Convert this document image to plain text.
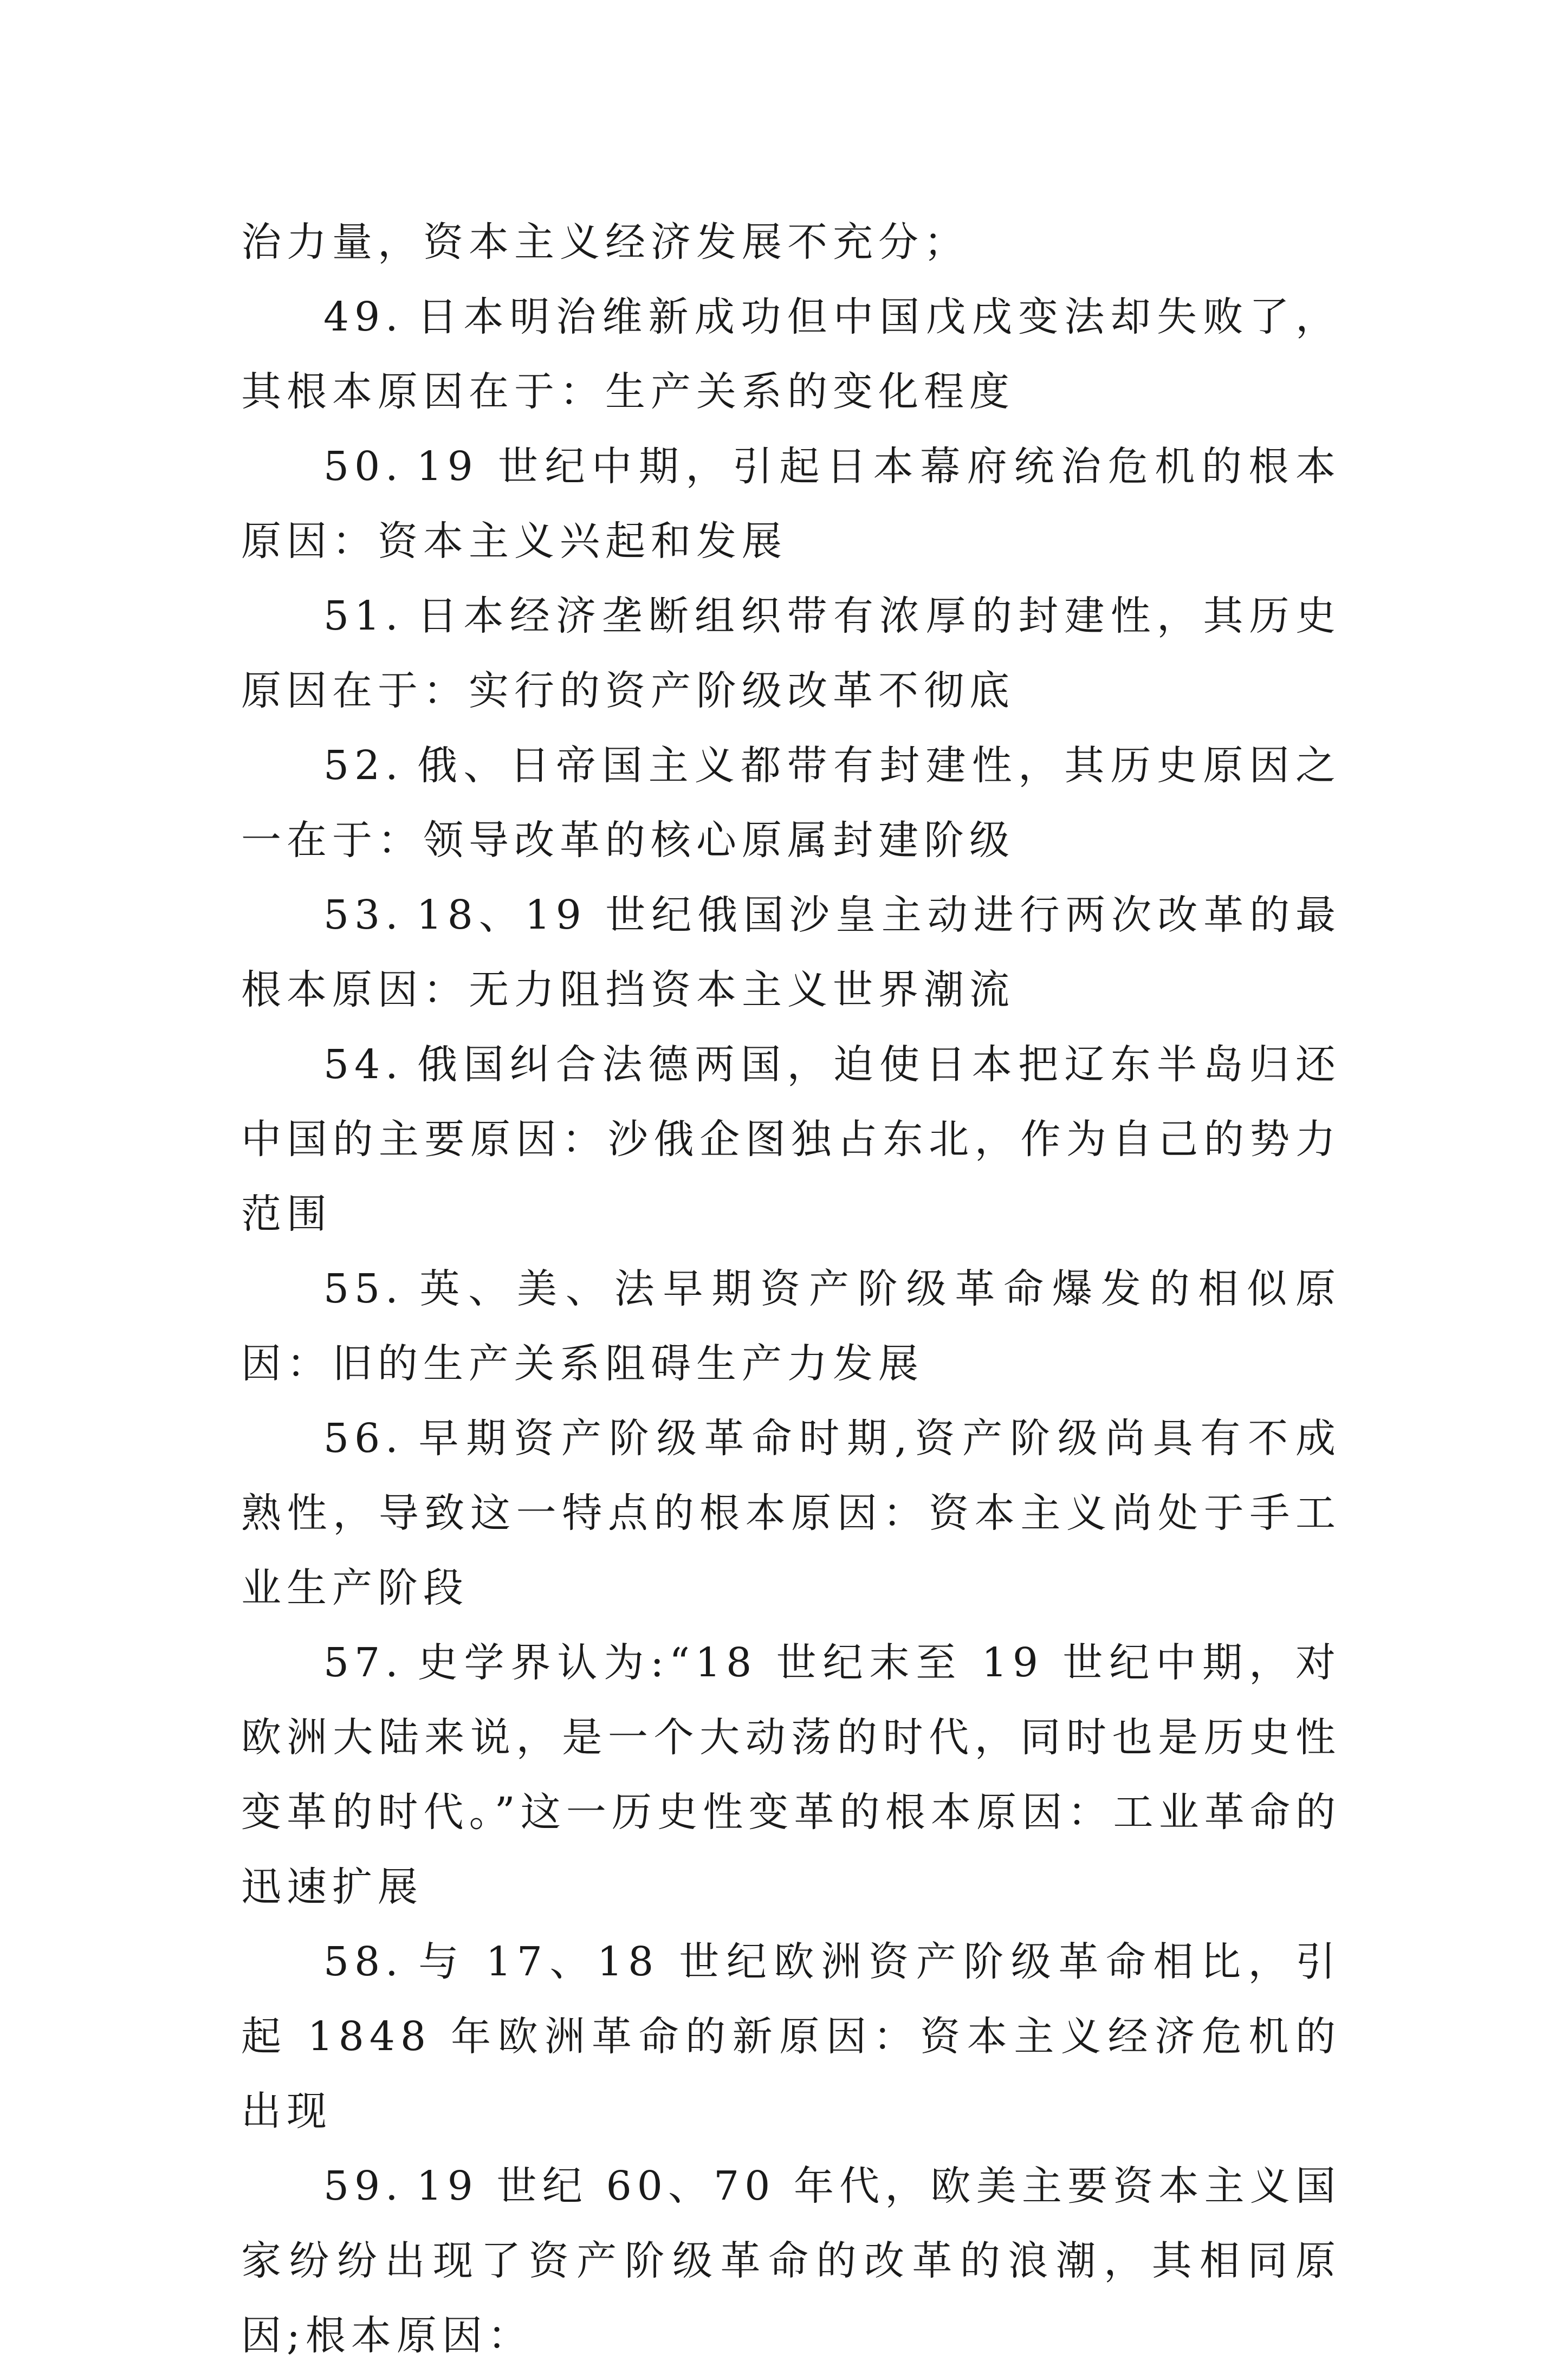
治力量，资本主义经济发展不充分；

49. 日本明治维新成功但中国戊戌变法却失败了，其根本原因在于：生产关系的变化程度

50. 19 世纪中期，引起日本幕府统治危机的根本原因：资本主义兴起和发展

51. 日本经济垄断组织带有浓厚的封建性，其历史原因在于：实行的资产阶级改革不彻底

52. 俄、日帝国主义都带有封建性，其历史原因之一在于：领导改革的核心原属封建阶级

53. 18、19 世纪俄国沙皇主动进行两次改革的最根本原因：无力阻挡资本主义世界潮流

54. 俄国纠合法德两国，迫使日本把辽东半岛归还中国的主要原因：沙俄企图独占东北，作为自己的势力范围

55. 英、美、法早期资产阶级革命爆发的相似原因：旧的生产关系阻碍生产力发展

56. 早期资产阶级革命时期,资产阶级尚具有不成熟性，导致这一特点的根本原因：资本主义尚处于手工业生产阶段

57. 史学界认为:“18 世纪末至 19 世纪中期，对欧洲大陆来说，是一个大动荡的时代，同时也是历史性变革的时代。”这一历史性变革的根本原因：工业革命的迅速扩展

58. 与 17、18 世纪欧洲资产阶级革命相比，引起 1848 年欧洲革命的新原因：资本主义经济危机的出现

59. 19 世纪 60、70 年代，欧美主要资本主义国家纷纷出现了资产阶级革命的改革的浪潮，其相同原因;根本原因：
